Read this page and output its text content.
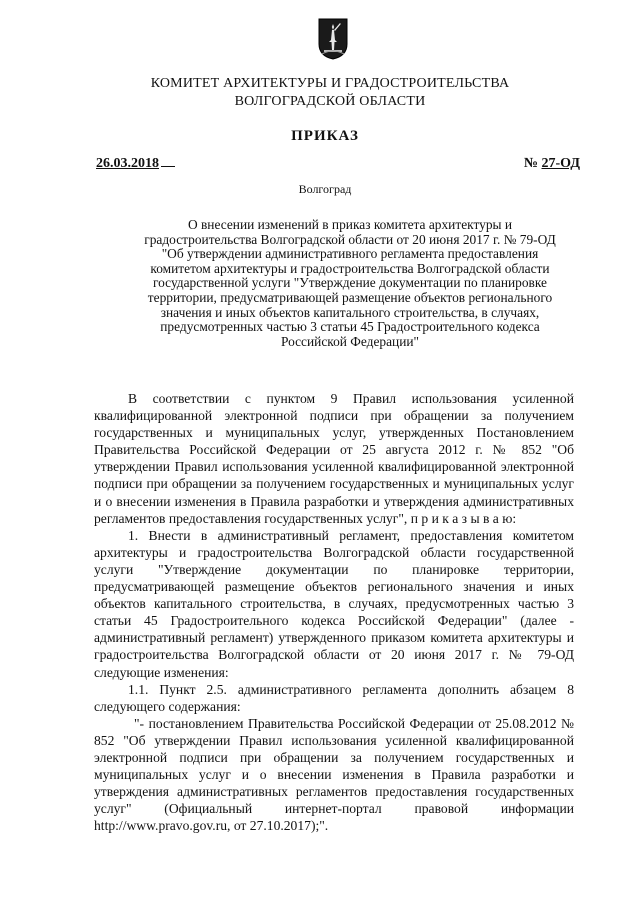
КОМИТЕТ АРХИТЕКТУРЫ И ГРАДОСТРОИТЕЛЬСТВА
ВОЛГОГРАДСКОЙ ОБЛАСТИ
ПРИКАЗ
26.03.2018	№ 27-ОД
Волгоград

О внесении изменений в приказ комитета архитектуры и градостроительства Волгоградской области от 20 июня 2017 г. № 79-ОД "Об утверждении административного регламента предоставления комитетом архитектуры и градостроительства Волгоградской области государственной услуги "Утверждение документации по планировке территории, предусматривающей размещение объектов регионального значения и иных объектов капитального строительства, в случаях, предусмотренных частью 3 статьи 45 Градостроительного кодекса Российской Федерации"

В соответствии с пунктом 9 Правил использования усиленной квалифицированной электронной подписи при обращении за получением государственных и муниципальных услуг, утвержденных Постановлением Правительства Российской Федерации от 25 августа 2012 г. № 852 "Об утверждении Правил использования усиленной квалифицированной электронной подписи при обращении за получением государственных и муниципальных услуг и о внесении изменения в Правила разработки и утверждения административных регламентов предоставления государственных услуг", п р и к а з ы в а ю:

1. Внести в административный регламент, предоставления комитетом архитектуры и градостроительства Волгоградской области государственной услуги "Утверждение документации по планировке территории, предусматривающей размещение объектов регионального значения и иных объектов капитального строительства, в случаях, предусмотренных частью 3 статьи 45 Градостроительного кодекса Российской Федерации" (далее - административный регламент) утвержденного приказом комитета архитектуры и градостроительства Волгоградской области от 20 июня 2017 г. № 79-ОД следующие изменения:

1.1. Пункт 2.5. административного регламента дополнить абзацем 8 следующего содержания:

"- постановлением Правительства Российской Федерации от 25.08.2012 № 852 "Об утверждении Правил использования усиленной квалифицированной электронной подписи при обращении за получением государственных и муниципальных услуг и о внесении изменения в Правила разработки и утверждения административных регламентов предоставления государственных услуг" (Официальный интернет-портал правовой информации http://www.pravo.gov.ru, от 27.10.2017);".
